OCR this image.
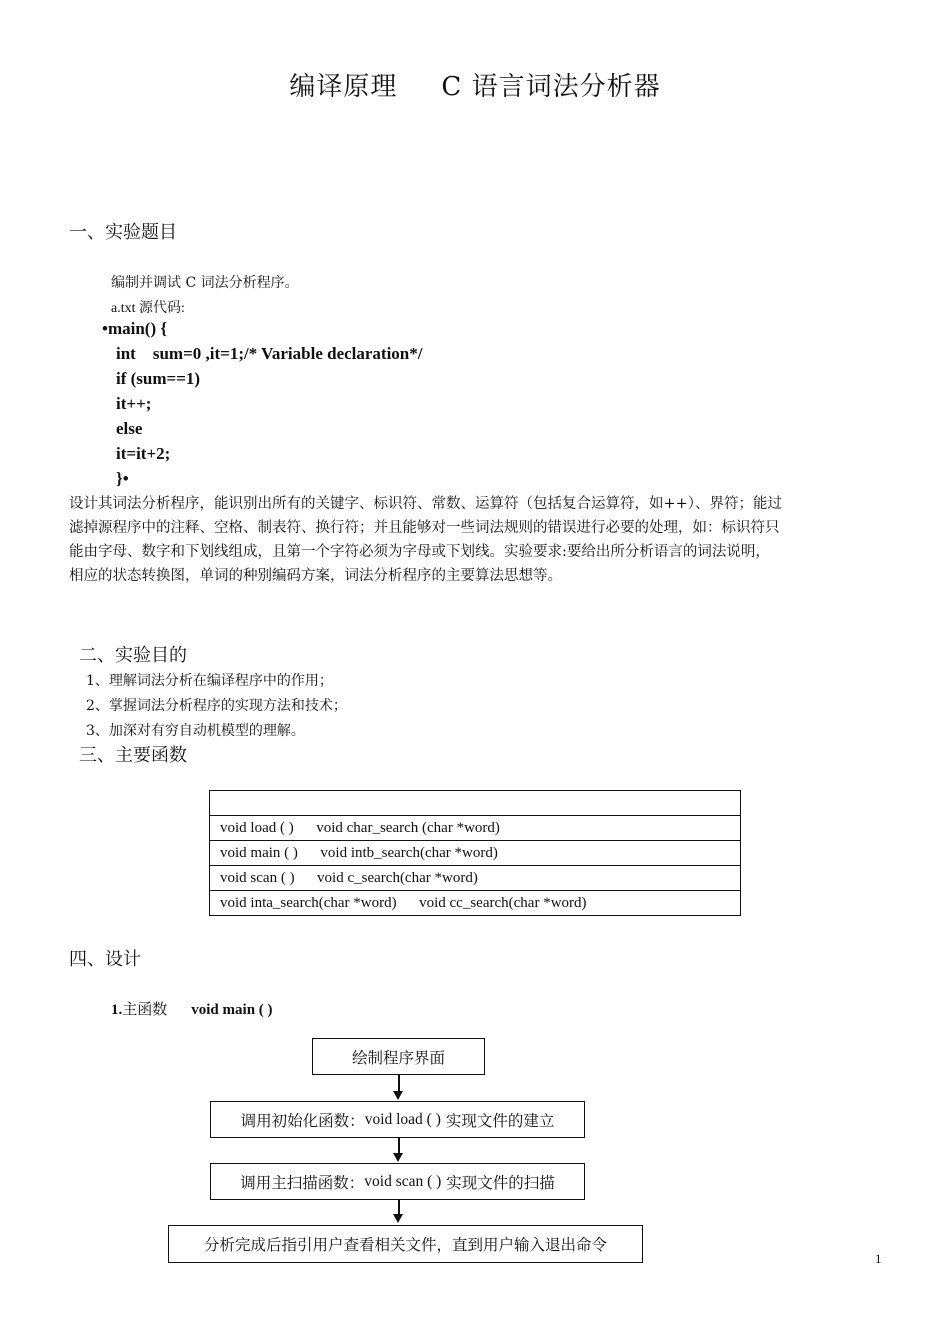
编译原理 C 语言词法分析器
一、实验题目
编制并调试 C 词法分析程序。
a.txt 源代码:
•main() {
int    sum=0 ,it=1;/* Variable declaration*/
if (sum==1)
it++;
else
it=it+2;
}•
设计其词法分析程序，能识别出所有的关键字、标识符、常数、运算符（包括复合运算符，如++）、界符；能过
滤掉源程序中的注释、空格、制表符、换行符；并且能够对一些词法规则的错误进行必要的处理，如：标识符只
能由字母、数字和下划线组成，且第一个字符必须为字母或下划线。实验要求:要给出所分析语言的词法说明，
相应的状态转换图，单词的种别编码方案，词法分析程序的主要算法思想等。
二、实验目的
1、理解词法分析在编译程序中的作用；
2、掌握词法分析程序的实现方法和技术；
3、加深对有穷自动机模型的理解。
三、主要函数

void load ( )      void char_search (char *word)
void main ( )      void intb_search(char *word)
void scan ( )      void c_search(char *word)
void inta_search(char *word)      void cc_search(char *word)
四、设计
1.主函数 void main ( )
绘制程序界面
调用初始化函数： void load ( ) 实现文件的建立
调用主扫描函数： void scan ( ) 实现文件的扫描
分析完成后指引用户查看相关文件，直到用户输入退出命令
1
